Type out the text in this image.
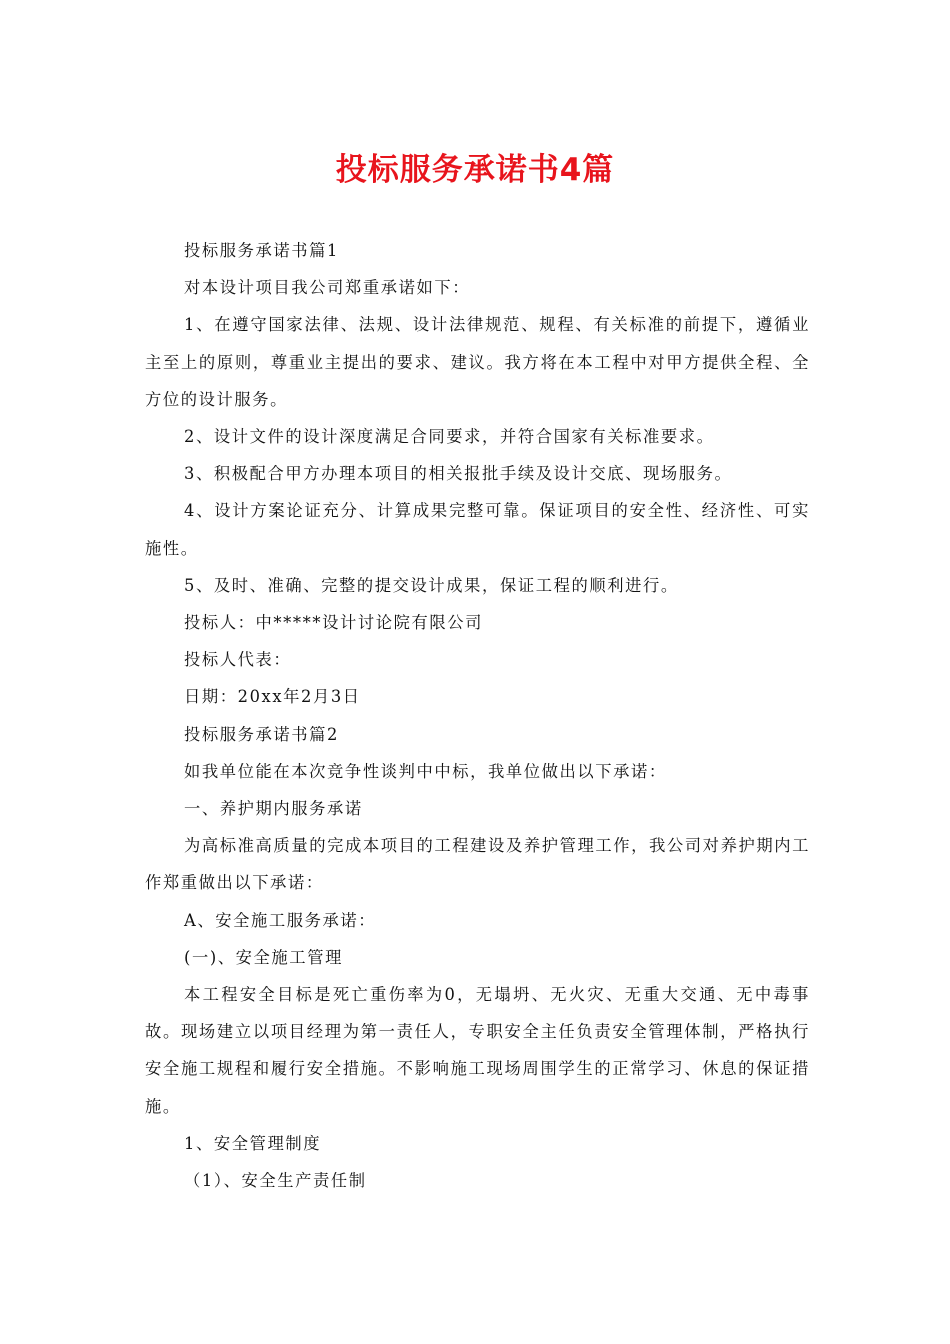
投标服务承诺书4篇

投标服务承诺书篇1

对本设计项目我公司郑重承诺如下：

1、在遵守国家法律、法规、设计法律规范、规程、有关标准的前提下，遵循业主至上的原则，尊重业主提出的要求、建议。我方将在本工程中对甲方提供全程、全方位的设计服务。

2、设计文件的设计深度满足合同要求，并符合国家有关标准要求。

3、积极配合甲方办理本项目的相关报批手续及设计交底、现场服务。

4、设计方案论证充分、计算成果完整可靠。保证项目的安全性、经济性、可实施性。

5、及时、准确、完整的提交设计成果，保证工程的顺利进行。

投标人：中*****设计讨论院有限公司

投标人代表：

日期：20xx年2月3日

投标服务承诺书篇2

如我单位能在本次竞争性谈判中中标，我单位做出以下承诺：

一、养护期内服务承诺

为高标准高质量的完成本项目的工程建设及养护管理工作，我公司对养护期内工作郑重做出以下承诺：

A、安全施工服务承诺：

(一)、安全施工管理

本工程安全目标是死亡重伤率为0，无塌坍、无火灾、无重大交通、无中毒事故。现场建立以项目经理为第一责任人，专职安全主任负责安全管理体制，严格执行安全施工规程和履行安全措施。不影响施工现场周围学生的正常学习、休息的保证措施。

1、安全管理制度

（1）、安全生产责任制
